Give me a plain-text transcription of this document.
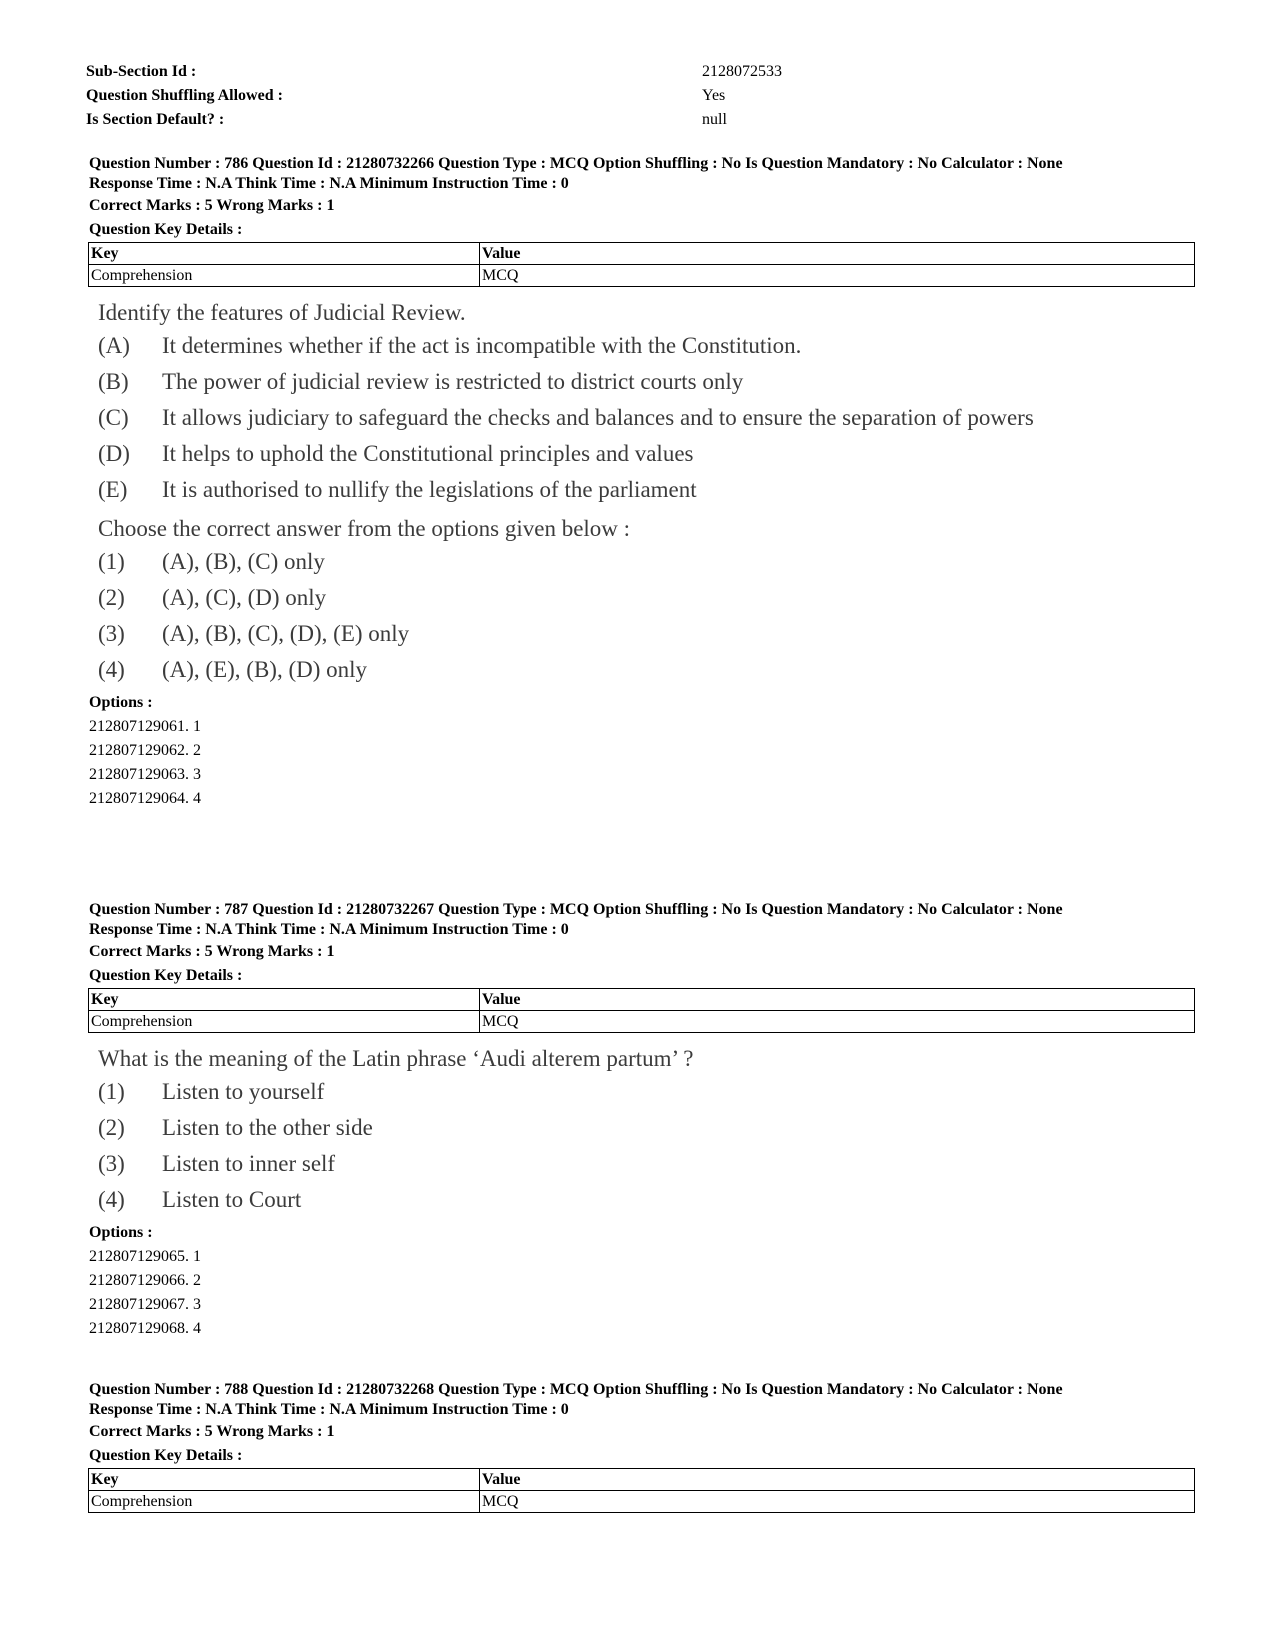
Sub-Section Id :	2128072533
Question Shuffling Allowed :	Yes
Is Section Default? :	null
Question Number : 786 Question Id : 21280732266 Question Type : MCQ Option Shuffling : No Is Question Mandatory : No Calculator : None
Response Time : N.A Think Time : N.A Minimum Instruction Time : 0
Correct Marks : 5 Wrong Marks : 1
Question Key Details :
Key	Value
Comprehension	MCQ
Identify the features of Judicial Review.
(A)	It determines whether if the act is incompatible with the Constitution.
(B)	The power of judicial review is restricted to district courts only
(C)	It allows judiciary to safeguard the checks and balances and to ensure the separation of powers
(D)	It helps to uphold the Constitutional principles and values
(E)	It is authorised to nullify the legislations of the parliament
Choose the correct answer from the options given below :
(1)	(A), (B), (C) only
(2)	(A), (C), (D) only
(3)	(A), (B), (C), (D), (E) only
(4)	(A), (E), (B), (D) only
Options :
212807129061. 1
212807129062. 2
212807129063. 3
212807129064. 4
Question Number : 787 Question Id : 21280732267 Question Type : MCQ Option Shuffling : No Is Question Mandatory : No Calculator : None
Response Time : N.A Think Time : N.A Minimum Instruction Time : 0
Correct Marks : 5 Wrong Marks : 1
Question Key Details :
Key	Value
Comprehension	MCQ
What is the meaning of the Latin phrase ‘Audi alterem partum’ ?
(1)	Listen to yourself
(2)	Listen to the other side
(3)	Listen to inner self
(4)	Listen to Court
Options :
212807129065. 1
212807129066. 2
212807129067. 3
212807129068. 4
Question Number : 788 Question Id : 21280732268 Question Type : MCQ Option Shuffling : No Is Question Mandatory : No Calculator : None
Response Time : N.A Think Time : N.A Minimum Instruction Time : 0
Correct Marks : 5 Wrong Marks : 1
Question Key Details :
Key	Value
Comprehension	MCQ
